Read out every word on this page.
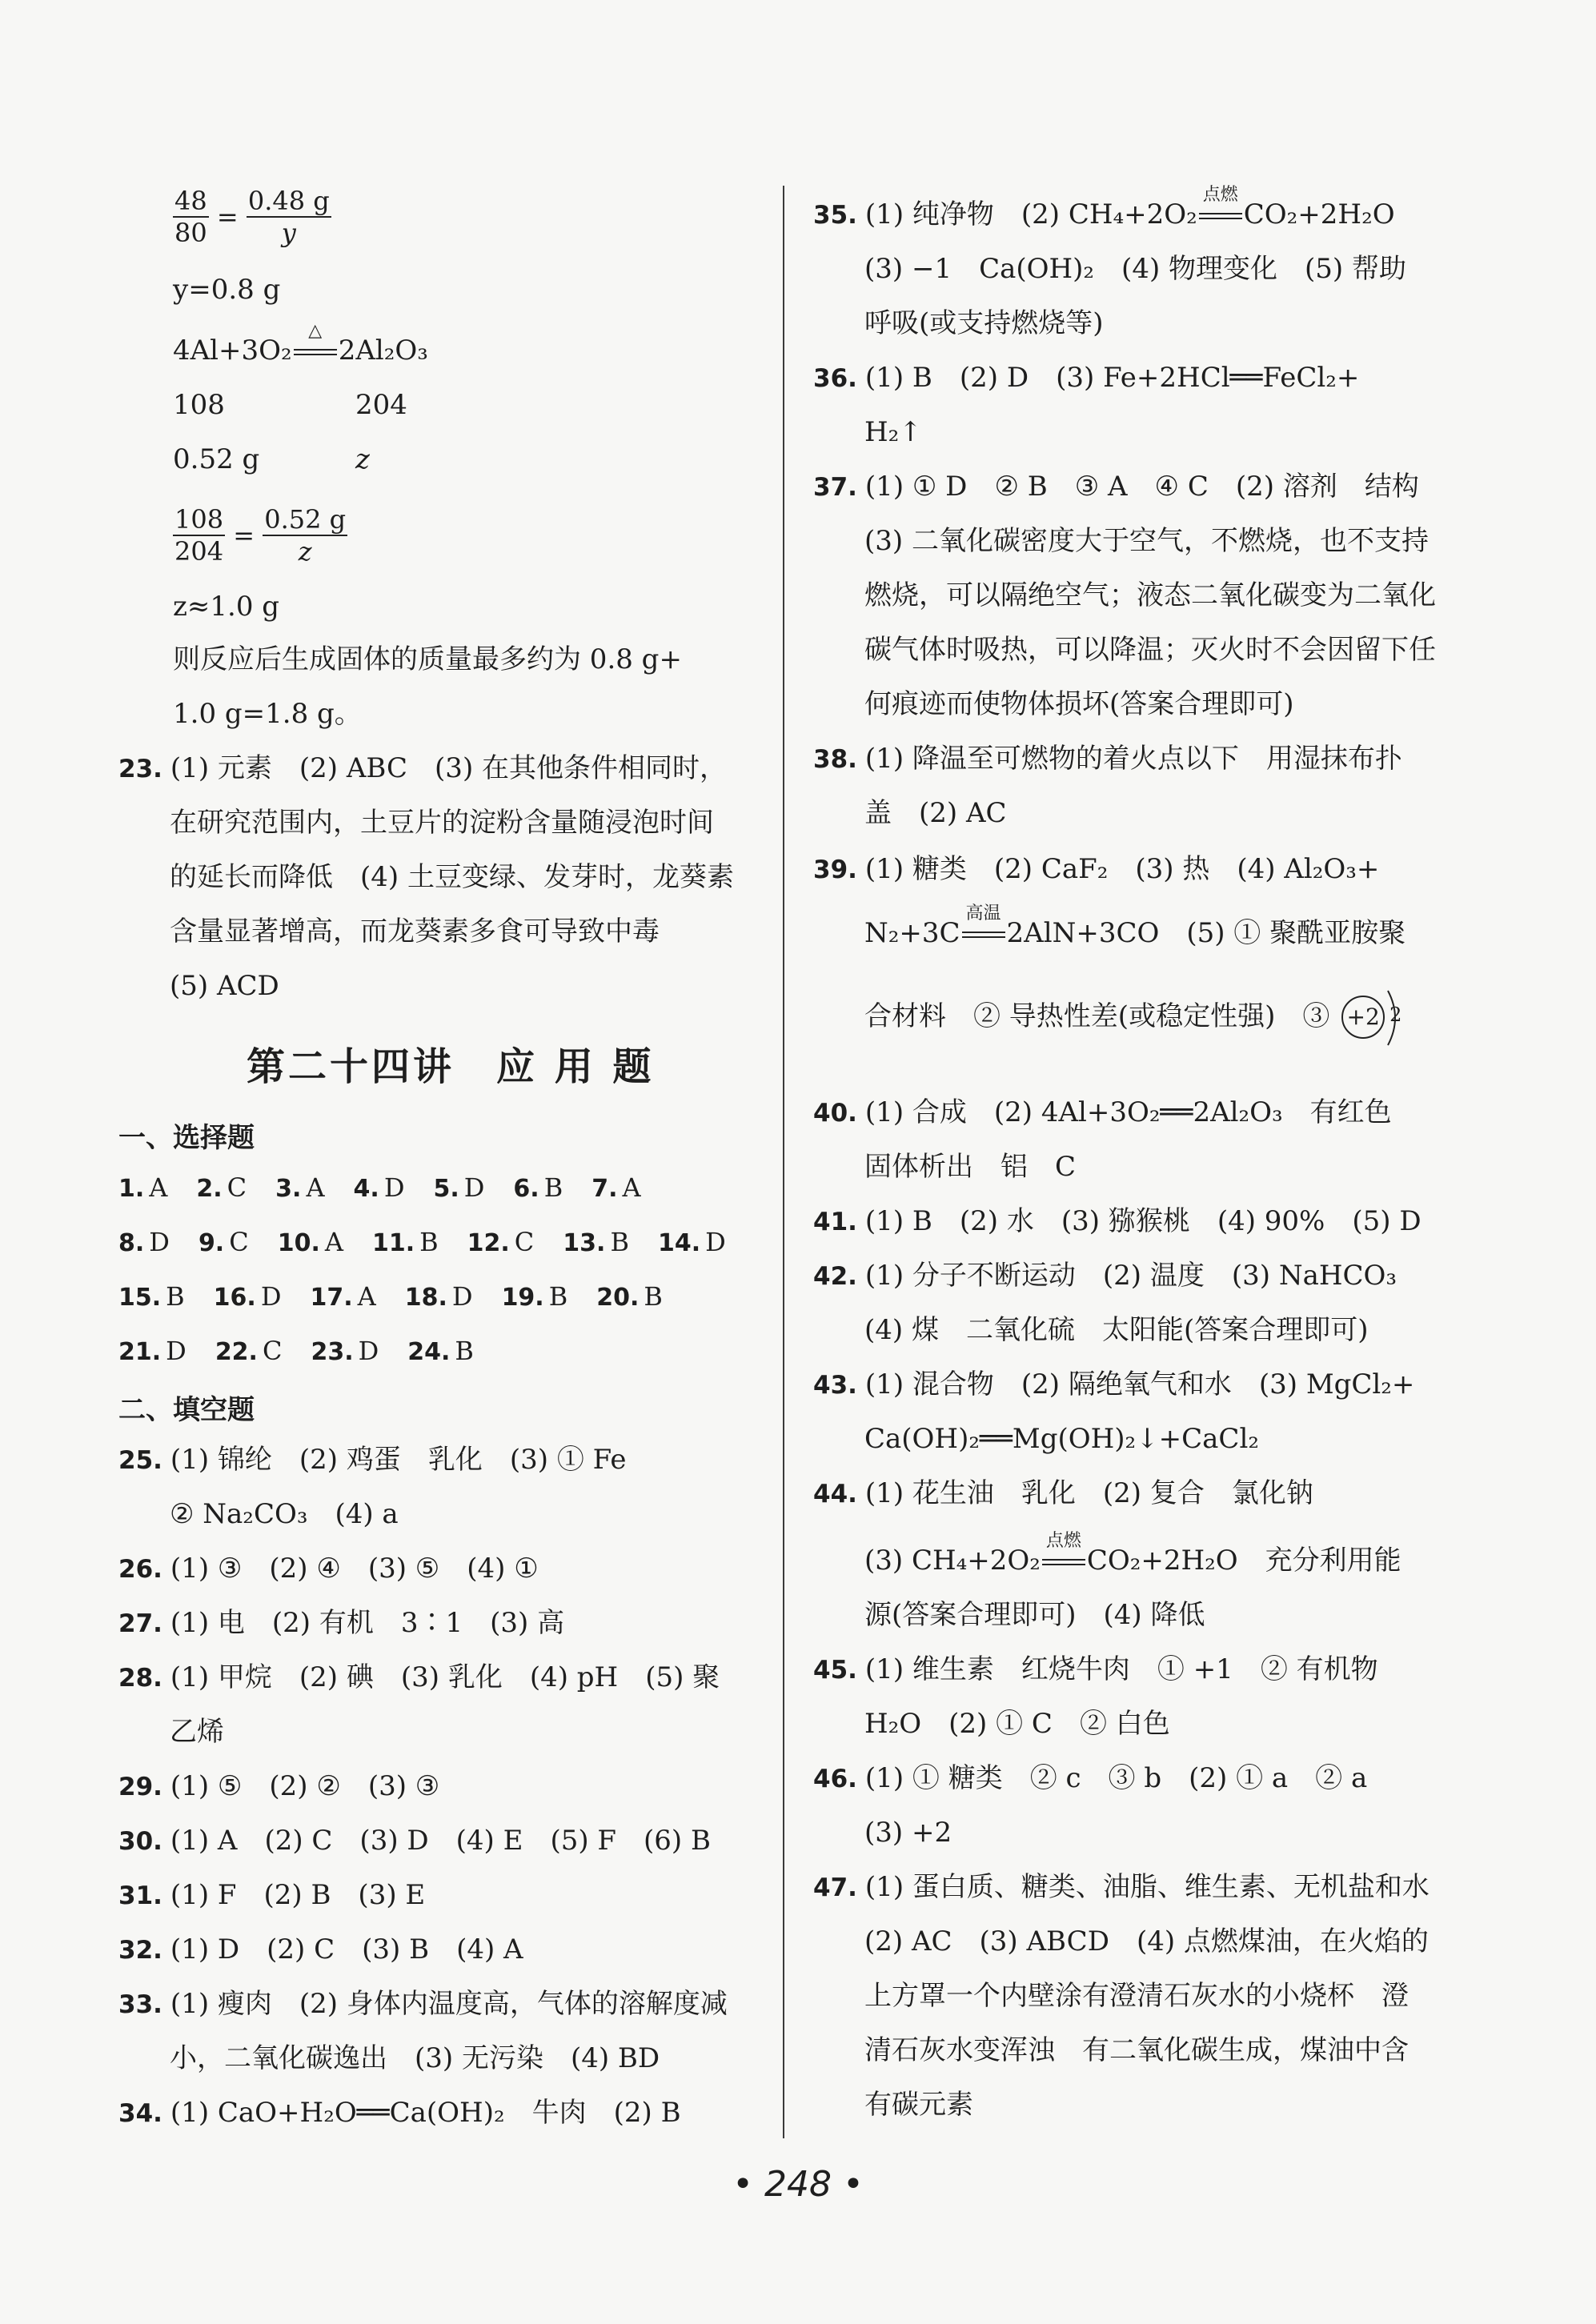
$\frac{48}{80} = \frac{0.48 g}{y}$
y=0.8 g
4Al+3O₂
△
2Al₂O₃
108	204
0.52 g	z
$\frac{108}{204} = \frac{0.52 g}{z}$
z≈1.0 g
则反应后生成固体的质量最多约为 0.8 g+
1.0 g=1.8 g。
23. (1) 元素　(2) ABC　(3) 在其他条件相同时，
在研究范围内，土豆片的淀粉含量随浸泡时间
的延长而降低　(4) 土豆变绿、发芽时，龙葵素
含量显著增高，而龙葵素多食可导致中毒
(5) ACD
第二十四讲　应 用 题
一、选择题
1. A 2. C 3. A 4. D 5. D 6. B 7. A
8. D 9. C 10. A 11. B 12. C 13. B 14. D
15. B 16. D 17. A 18. D 19. B 20. B
21. D 22. C 23. D 24. B
二、填空题
25. (1) 锦纶　(2) 鸡蛋　乳化　(3) ① Fe
② Na₂CO₃　(4) a
26. (1) ③　(2) ④　(3) ⑤　(4) ①
27. (1) 电　(2) 有机　3∶1　(3) 高
28. (1) 甲烷　(2) 碘　(3) 乳化　(4) pH　(5) 聚
乙烯
29. (1) ⑤　(2) ②　(3) ③
30. (1) A　(2) C　(3) D　(4) E　(5) F　(6) B
31. (1) F　(2) B　(3) E
32. (1) D　(2) C　(3) B　(4) A
33. (1) 瘦肉　(2) 身体内温度高，气体的溶解度减
小，二氧化碳逸出　(3) 无污染　(4) BD
34. (1) CaO+H₂O══Ca(OH)₂　牛肉　(2) B
35. (1) 纯净物　(2) CH₄+2O₂
点燃
CO₂+2H₂O
(3) −1　Ca(OH)₂　(4) 物理变化　(5) 帮助
呼吸(或支持燃烧等)
36. (1) B　(2) D　(3) Fe+2HCl══FeCl₂+
H₂↑
37. (1) ① D　② B　③ A　④ C　(2) 溶剂　结构
(3) 二氧化碳密度大于空气，不燃烧，也不支持
燃烧，可以隔绝空气；液态二氧化碳变为二氧化
碳气体时吸热，可以降温；灭火时不会因留下任
何痕迹而使物体损坏(答案合理即可)
38. (1) 降温至可燃物的着火点以下　用湿抹布扑
盖　(2) AC
39. (1) 糖类　(2) CaF₂　(3) 热　(4) Al₂O₃+
N₂+3C
高温
2AlN+3CO　(5) ① 聚酰亚胺聚
合材料　② 导热性差(或稳定性强)　③ +2 2
40. (1) 合成　(2) 4Al+3O₂══2Al₂O₃　有红色
固体析出　铝　C
41. (1) B　(2) 水　(3) 猕猴桃　(4) 90%　(5) D
42. (1) 分子不断运动　(2) 温度　(3) NaHCO₃
(4) 煤　二氧化硫　太阳能(答案合理即可)
43. (1) 混合物　(2) 隔绝氧气和水　(3) MgCl₂+
Ca(OH)₂══Mg(OH)₂↓+CaCl₂
44. (1) 花生油　乳化　(2) 复合　氯化钠
(3) CH₄+2O₂
点燃
CO₂+2H₂O　充分利用能
源(答案合理即可)　(4) 降低
45. (1) 维生素　红烧牛肉　① +1　② 有机物
H₂O　(2) ① C　② 白色
46. (1) ① 糖类　② c　③ b　(2) ① a　② a
(3) +2
47. (1) 蛋白质、糖类、油脂、维生素、无机盐和水
(2) AC　(3) ABCD　(4) 点燃煤油，在火焰的
上方罩一个内壁涂有澄清石灰水的小烧杯　澄
清石灰水变浑浊　有二氧化碳生成，煤油中含
有碳元素
• 248 •
